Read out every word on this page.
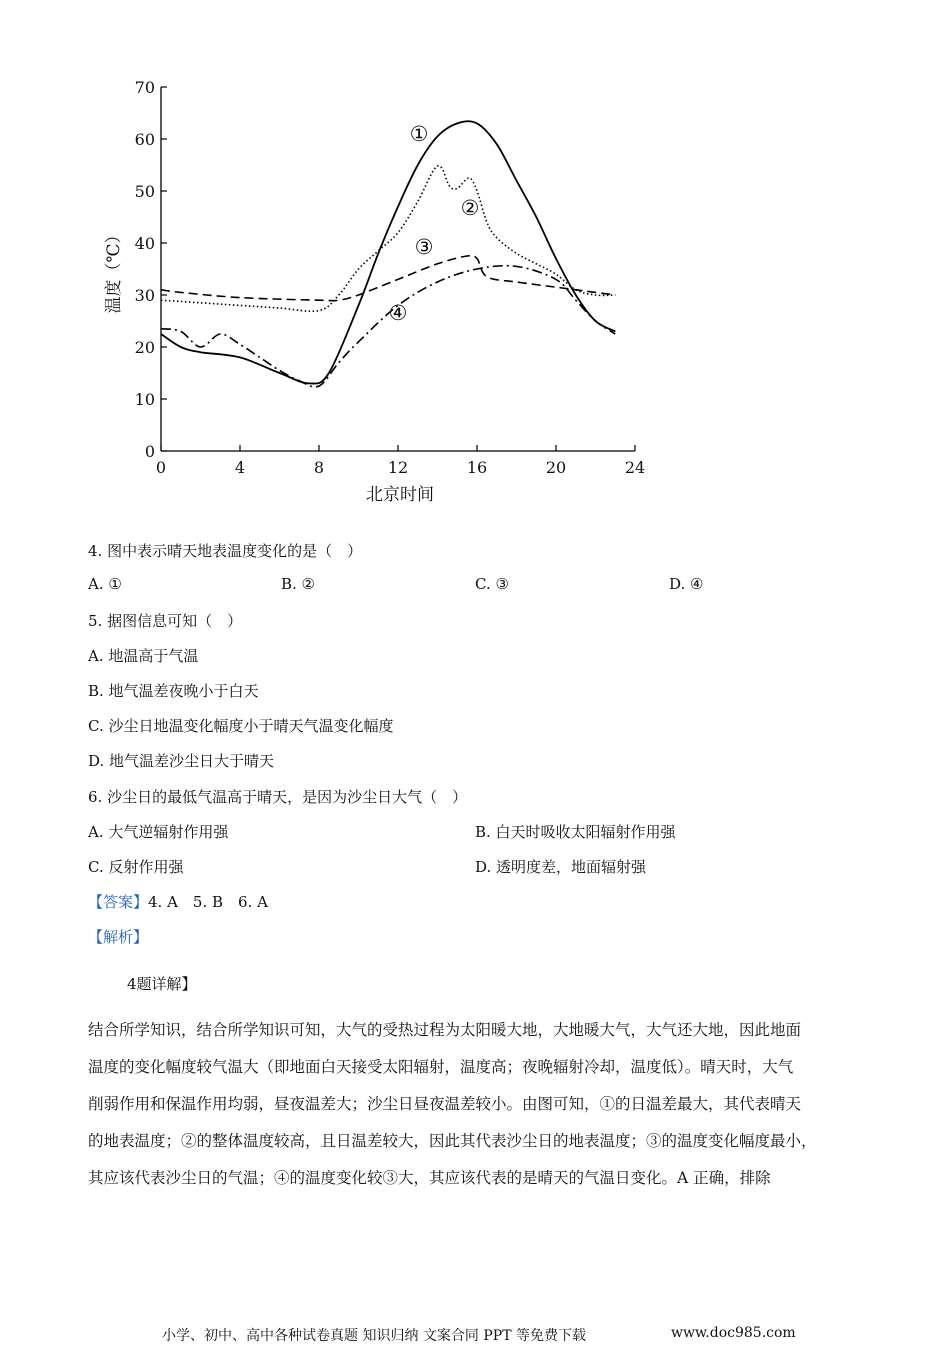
0
10
20
30
40
50
60
70
0	4	8	12	16	20	24
①
②
③
④
北京时间
温度（℃）
4. 图中表示晴天地表温度变化的是（　）
A. ①	B. ②	C. ③	D. ④
5. 据图信息可知（　）
A. 地温高于气温
B. 地气温差夜晚小于白天
C. 沙尘日地温变化幅度小于晴天气温变化幅度
D. 地气温差沙尘日大于晴天
6. 沙尘日的最低气温高于晴天，是因为沙尘日大气（　）
A. 大气逆辐射作用强	B. 白天时吸收太阳辐射作用强
C. 反射作用强	D. 透明度差，地面辐射强
【答案】4. A　5. B　6. A
【解析】
4题详解】
结合所学知识，结合所学知识可知，大气的受热过程为太阳暖大地，大地暖大气，大气还大地，因此地面
温度的变化幅度较气温大（即地面白天接受太阳辐射，温度高；夜晚辐射冷却，温度低）。晴天时，大气
削弱作用和保温作用均弱，昼夜温差大；沙尘日昼夜温差较小。由图可知，①的日温差最大，其代表晴天
的地表温度；②的整体温度较高，且日温差较大，因此其代表沙尘日的地表温度；③的温度变化幅度最小，
其应该代表沙尘日的气温；④的温度变化较③大，其应该代表的是晴天的气温日变化。A 正确，排除
小学、初中、高中各种试卷真题 知识归纳 文案合同 PPT 等免费下载	www.doc985.com
